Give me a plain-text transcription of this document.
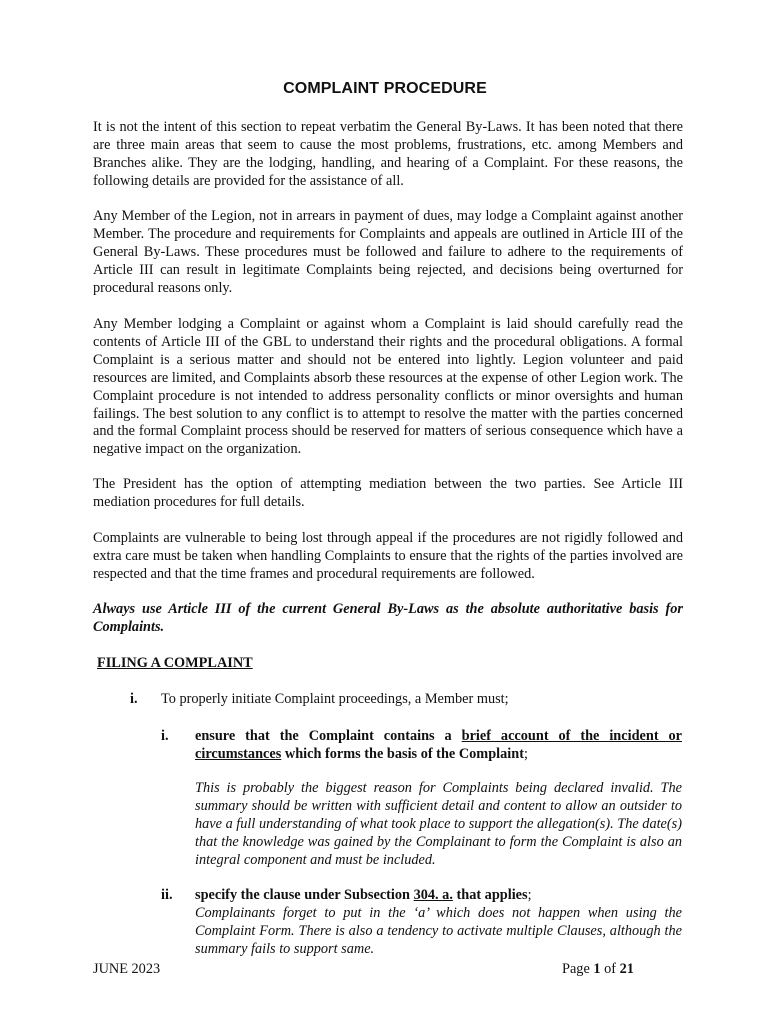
COMPLAINT PROCEDURE
It is not the intent of this section to repeat verbatim the General By-Laws. It has been noted that there are three main areas that seem to cause the most problems, frustrations, etc. among Members and Branches alike. They are the lodging, handling, and hearing of a Complaint. For these reasons, the following details are provided for the assistance of all.
Any Member of the Legion, not in arrears in payment of dues, may lodge a Complaint against another Member. The procedure and requirements for Complaints and appeals are outlined in Article III of the General By-Laws. These procedures must be followed and failure to adhere to the requirements of Article III can result in legitimate Complaints being rejected, and decisions being overturned for procedural reasons only.
Any Member lodging a Complaint or against whom a Complaint is laid should carefully read the contents of Article III of the GBL to understand their rights and the procedural obligations. A formal Complaint is a serious matter and should not be entered into lightly. Legion volunteer and paid resources are limited, and Complaints absorb these resources at the expense of other Legion work. The Complaint procedure is not intended to address personality conflicts or minor oversights and human failings. The best solution to any conflict is to attempt to resolve the matter with the parties concerned and the formal Complaint process should be reserved for matters of serious consequence which have a negative impact on the organization.
The President has the option of attempting mediation between the two parties. See Article III mediation procedures for full details.
Complaints are vulnerable to being lost through appeal if the procedures are not rigidly followed and extra care must be taken when handling Complaints to ensure that the rights of the parties involved are respected and that the time frames and procedural requirements are followed.
Always use Article III of the current General By-Laws as the absolute authoritative basis for Complaints.
FILING A COMPLAINT
i. To properly initiate Complaint proceedings, a Member must;
i. ensure that the Complaint contains a brief account of the incident or circumstances which forms the basis of the Complaint;
This is probably the biggest reason for Complaints being declared invalid. The summary should be written with sufficient detail and content to allow an outsider to have a full understanding of what took place to support the allegation(s). The date(s) that the knowledge was gained by the Complainant to form the Complaint is also an integral component and must be included.
ii. specify the clause under Subsection 304. a. that applies;
Complainants forget to put in the ‘a’ which does not happen when using the Complaint Form. There is also a tendency to activate multiple Clauses, although the summary fails to support same.
JUNE 2023	Page 1 of 21
